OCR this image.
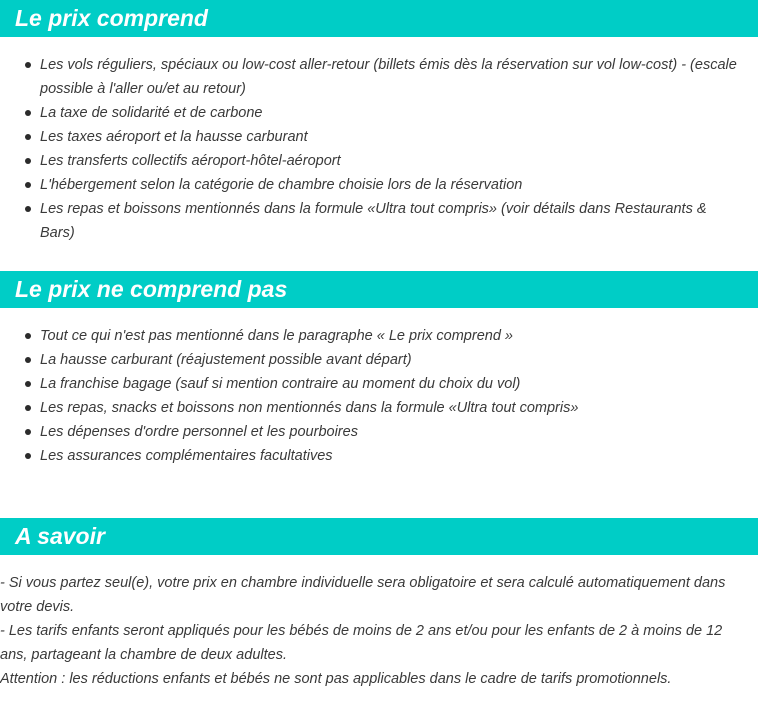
Le prix comprend
Les vols réguliers, spéciaux ou low-cost aller-retour (billets émis dès la réservation sur vol low-cost) - (escale possible à l'aller ou/et au retour)
La taxe de solidarité et de carbone
Les taxes aéroport et la hausse carburant
Les transferts collectifs aéroport-hôtel-aéroport
L'hébergement selon la catégorie de chambre choisie lors de la réservation
Les repas et boissons mentionnés dans la formule «Ultra tout compris» (voir détails dans Restaurants & Bars)
Le prix ne comprend pas
Tout ce qui n'est pas mentionné dans le paragraphe « Le prix comprend »
La hausse carburant (réajustement possible avant départ)
La franchise bagage (sauf si mention contraire au moment du choix du vol)
Les repas, snacks et boissons non mentionnés dans la formule «Ultra tout compris»
Les dépenses d'ordre personnel et les pourboires
Les assurances complémentaires facultatives
A savoir
- Si vous partez seul(e), votre prix en chambre individuelle sera obligatoire et sera calculé automatiquement dans votre devis.
- Les tarifs enfants seront appliqués pour les bébés de moins de 2 ans et/ou pour les enfants de 2 à moins de 12 ans, partageant la chambre de deux adultes.
Attention : les réductions enfants et bébés ne sont pas applicables dans le cadre de tarifs promotionnels.
